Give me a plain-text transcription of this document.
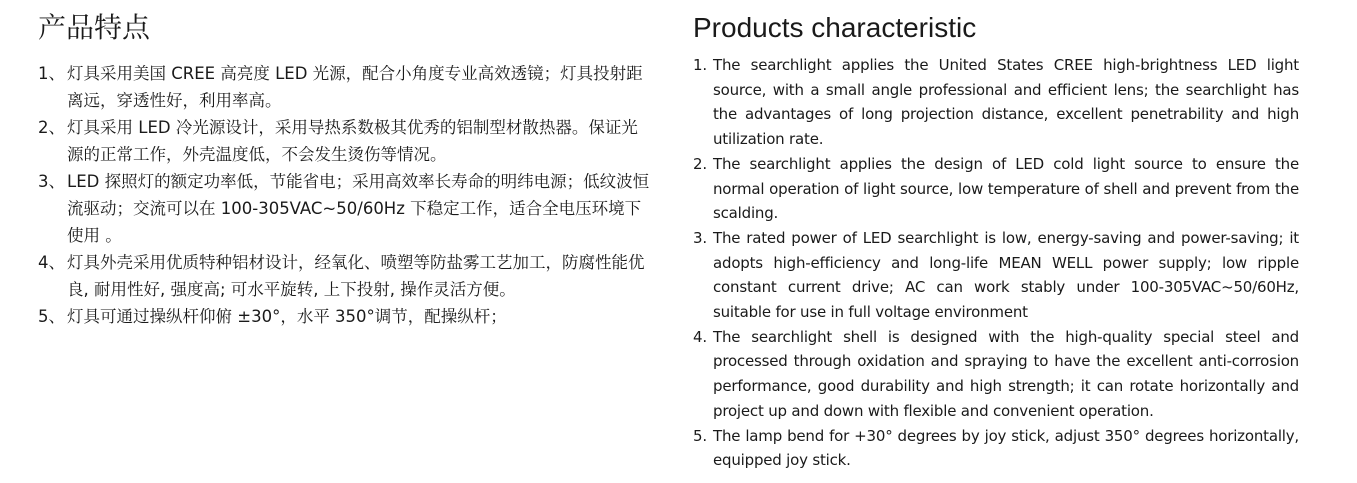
产品特点
1、 灯具采用美国 CREE 高亮度 LED 光源，配合小角度专业高效透镜；灯具投射距离远，穿透性好，利用率高。
2、 灯具采用 LED 冷光源设计，采用导热系数极其优秀的铝制型材散热器。保证光源的正常工作，外壳温度低，不会发生烫伤等情况。
3、 LED 探照灯的额定功率低，节能省电；采用高效率长寿命的明纬电源；低纹波恒流驱动；交流可以在 100-305VAC~50/60Hz 下稳定工作，适合全电压环境下使用 。
4、 灯具外壳采用优质特种铝材设计，经氧化、喷塑等防盐雾工艺加工，防腐性能优良, 耐用性好, 强度高; 可水平旋转, 上下投射, 操作灵活方便。
5、 灯具可通过操纵杆仰俯 ±30°，水平 350°调节，配操纵杆；
Products characteristic
1. The searchlight applies the United States CREE high-brightness LED light source, with a small angle professional and efficient lens; the searchlight has the advantages of long projection distance, excellent penetrability and high utilization rate.
2. The searchlight applies the design of LED cold light source to ensure the normal operation of light source, low temperature of shell and prevent from the scalding.
3. The rated power of LED searchlight is low, energy-saving and power-saving; it adopts high-efficiency and long-life MEAN WELL power supply; low ripple constant current drive; AC can work stably under 100-305VAC~50/60Hz, suitable for use in full voltage environment
4. The searchlight shell is designed with the high-quality special steel and processed through oxidation and spraying to have the excellent anti-corrosion performance, good durability and high strength; it can rotate horizontally and project up and down with flexible and convenient operation.
5. The lamp bend for +30° degrees by joy stick, adjust 350° degrees horizontally, equipped joy stick.
